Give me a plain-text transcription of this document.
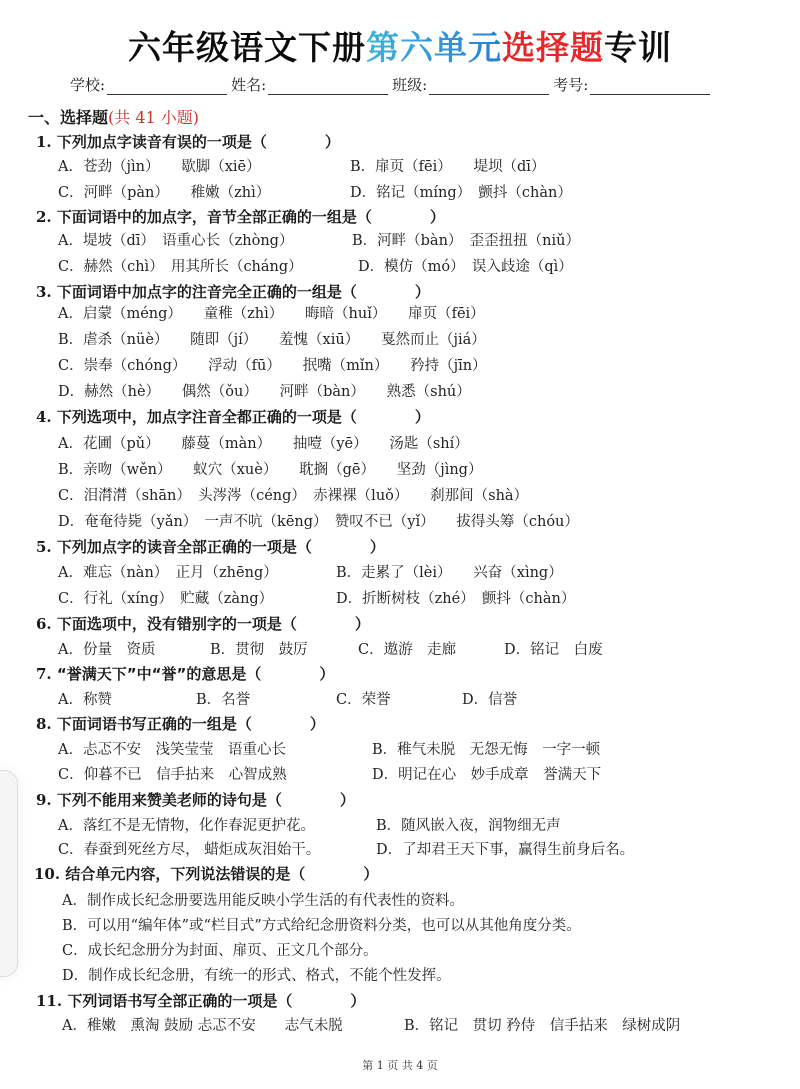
六年级语文下册第六单元选择题专训
学校:	姓名:	班级:	考号:
一、选择题(共 41 小题)
1. 下列加点字读音有误的一项是（	）
A．苍劲（jìn）　　歇脚（xiē）	B．扉页（fēi）　　堤坝（dī）
C．河畔（pàn）　　稚嫩（zhì）	D．铭记（míng）　颤抖（chàn）
2. 下面词语中的加点字，音节全部正确的一组是（	）
A．堤坡（dī）　语重心长（zhòng）	B．河畔（bàn）　歪歪扭扭（niǔ）
C．赫然（chì）　用其所长（cháng）	D．模仿（mó）　误入歧途（qì）
3. 下面词语中加点字的注音完全正确的一组是（	）
A．启蒙（méng）　　童稚（zhì）　　晦暗（huǐ）　　扉页（fēi）
B．虐杀（nüè）　　随即（jí）　　羞愧（xiū）　　戛然而止（jiá）
C．崇奉（chóng）　　浮动（fū）　　抿嘴（mǐn）　　矜持（jīn）
D．赫然（hè）　　偶然（ǒu）　　河畔（bàn）　　熟悉（shú）
4. 下列选项中，加点字注音全都正确的一项是（	）
A．花圃（pǔ）　　藤蔓（màn）　　抽噎（yē）　　汤匙（shí）
B．亲吻（wěn）　　蚁穴（xuè）　　耽搁（gē）　　坚劲（jìng）
C．泪潸潸（shān）　头涔涔（céng）　赤裸裸（luǒ）　　刹那间（shà）
D．奄奄待毙（yǎn）　一声不吭（kēng）　赞叹不已（yǐ）　　拔得头筹（chóu）
5. 下列加点字的读音全部正确的一项是（	）
A．难忘（nàn）　正月（zhēng）	B．走累了（lèi）　　兴奋（xìng）
C．行礼（xíng）　贮藏（zàng）	D．折断树枝（zhé）　颤抖（chàn）
6. 下面选项中，没有错别字的一项是（	）
A．份量　资质	B．贯彻　鼓厉	C．遨游　走廊	D．铭记　白废
7. “誉满天下”中“誉”的意思是（	）
A．称赞	B．名誉	C．荣誉	D．信誉
8. 下面词语书写正确的一组是（	）
A．忐忑不安　浅笑莹莹　语重心长	B．稚气未脱　无怨无悔　一字一顿
C．仰暮不已　信手拈来　心智成熟	D．明记在心　妙手成章　誉满天下
9. 下列不能用来赞美老师的诗句是（	）
A．落红不是无情物，化作春泥更护花。	B．随风嵌入夜，润物细无声
C．春蚕到死丝方尽， 蜡炬成灰泪始干。	D．了却君王天下事，赢得生前身后名。
10. 结合单元内容，下列说法错误的是（	）
A．制作成长纪念册要选用能反映小学生活的有代表性的资料。
B．可以用“编年体”或“栏目式”方式给纪念册资料分类，也可以从其他角度分类。
C．成长纪念册分为封面、扉页、正文几个部分。
D．制作成长纪念册，有统一的形式、格式，不能个性发挥。
11. 下列词语书写全部正确的一项是（	）
A．稚嫩　熏淘 鼓励 忐忑不安　　志气未脱	B．铭记　贯切 矜侍　信手拈来　绿树成阴
第 1 页 共 4 页
